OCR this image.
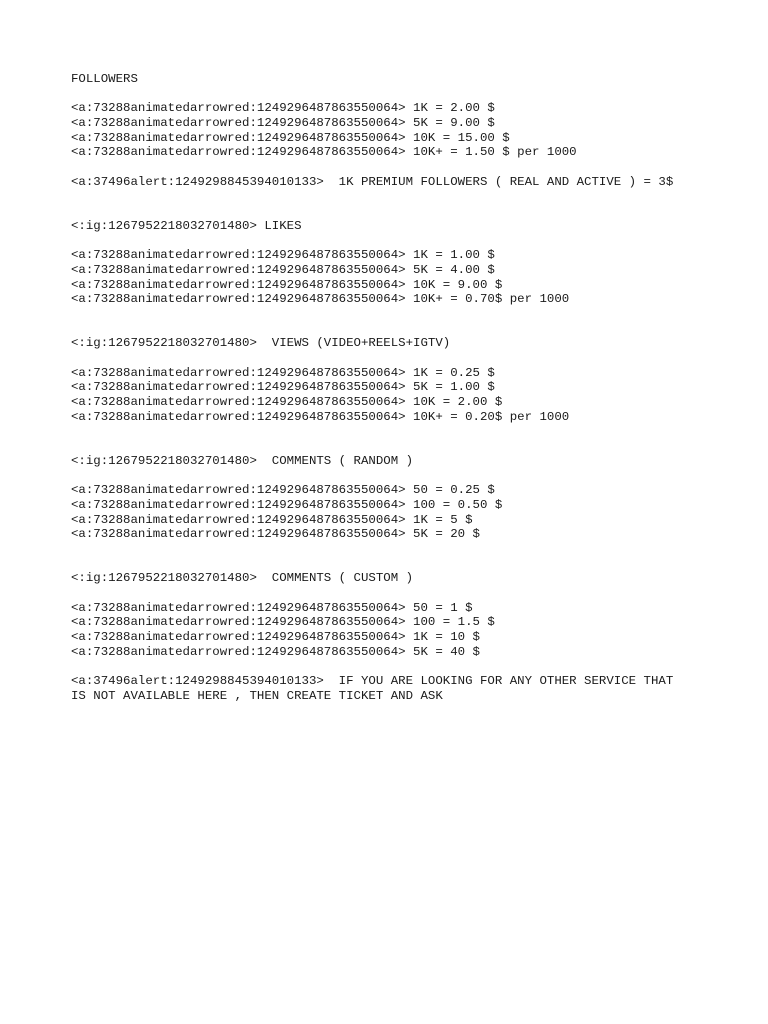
FOLLOWERS
<a:73288animatedarrowred:1249296487863550064> 1K = 2.00 $
<a:73288animatedarrowred:1249296487863550064> 5K = 9.00 $
<a:73288animatedarrowred:1249296487863550064> 10K = 15.00 $
<a:73288animatedarrowred:1249296487863550064> 10K+ = 1.50 $ per 1000
<a:37496alert:1249298845394010133>  1K PREMIUM FOLLOWERS ( REAL AND ACTIVE ) = 3$
<:ig:1267952218032701480> LIKES
<a:73288animatedarrowred:1249296487863550064> 1K = 1.00 $
<a:73288animatedarrowred:1249296487863550064> 5K = 4.00 $
<a:73288animatedarrowred:1249296487863550064> 10K = 9.00 $
<a:73288animatedarrowred:1249296487863550064> 10K+ = 0.70$ per 1000
<:ig:1267952218032701480>  VIEWS (VIDEO+REELS+IGTV)
<a:73288animatedarrowred:1249296487863550064> 1K = 0.25 $
<a:73288animatedarrowred:1249296487863550064> 5K = 1.00 $
<a:73288animatedarrowred:1249296487863550064> 10K = 2.00 $
<a:73288animatedarrowred:1249296487863550064> 10K+ = 0.20$ per 1000
<:ig:1267952218032701480>  COMMENTS ( RANDOM )
<a:73288animatedarrowred:1249296487863550064> 50 = 0.25 $
<a:73288animatedarrowred:1249296487863550064> 100 = 0.50 $
<a:73288animatedarrowred:1249296487863550064> 1K = 5 $
<a:73288animatedarrowred:1249296487863550064> 5K = 20 $
<:ig:1267952218032701480>  COMMENTS ( CUSTOM )
<a:73288animatedarrowred:1249296487863550064> 50 = 1 $
<a:73288animatedarrowred:1249296487863550064> 100 = 1.5 $
<a:73288animatedarrowred:1249296487863550064> 1K = 10 $
<a:73288animatedarrowred:1249296487863550064> 5K = 40 $
<a:37496alert:1249298845394010133>  IF YOU ARE LOOKING FOR ANY OTHER SERVICE THAT IS NOT AVAILABLE HERE , THEN CREATE TICKET AND ASK
